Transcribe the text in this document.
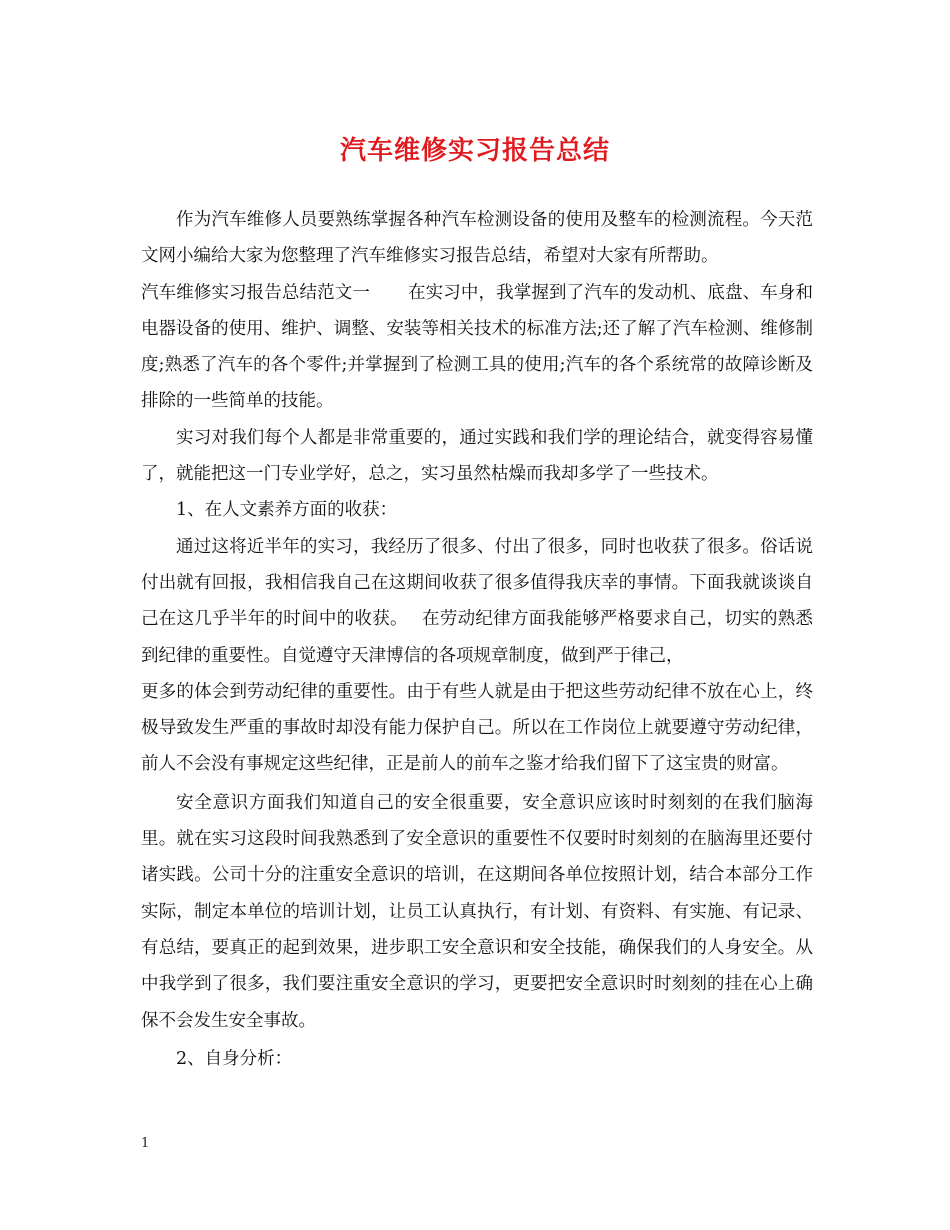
汽车维修实习报告总结

作为汽车维修人员要熟练掌握各种汽车检测设备的使用及整车的检测流程。今天范文网小编给大家为您整理了汽车维修实习报告总结，希望对大家有所帮助。

汽车维修实习报告总结范文一 在实习中，我掌握到了汽车的发动机、底盘、车身和电器设备的使用、维护、调整、安装等相关技术的标准方法;还了解了汽车检测、维修制度;熟悉了汽车的各个零件;并掌握到了检测工具的使用;汽车的各个系统常的故障诊断及排除的一些简单的技能。

实习对我们每个人都是非常重要的，通过实践和我们学的理论结合，就变得容易懂了，就能把这一门专业学好，总之，实习虽然枯燥而我却多学了一些技术。

1、在人文素养方面的收获：

通过这将近半年的实习，我经历了很多、付出了很多，同时也收获了很多。俗话说付出就有回报，我相信我自己在这期间收获了很多值得我庆幸的事情。下面我就谈谈自己在这几乎半年的时间中的收获。 在劳动纪律方面我能够严格要求自己，切实的熟悉到纪律的重要性。自觉遵守天津博信的各项规章制度，做到严于律己，

更多的体会到劳动纪律的重要性。由于有些人就是由于把这些劳动纪律不放在心上，终极导致发生严重的事故时却没有能力保护自己。所以在工作岗位上就要遵守劳动纪律，前人不会没有事规定这些纪律，正是前人的前车之鉴才给我们留下了这宝贵的财富。

安全意识方面我们知道自己的安全很重要，安全意识应该时时刻刻的在我们脑海里。就在实习这段时间我熟悉到了安全意识的重要性不仅要时时刻刻的在脑海里还要付诸实践。公司十分的注重安全意识的培训，在这期间各单位按照计划，结合本部分工作实际，制定本单位的培训计划，让员工认真执行，有计划、有资料、有实施、有记录、有总结，要真正的起到效果，进步职工安全意识和安全技能，确保我们的人身安全。从中我学到了很多，我们要注重安全意识的学习，更要把安全意识时时刻刻的挂在心上确保不会发生安全事故。

2、自身分析：

1
